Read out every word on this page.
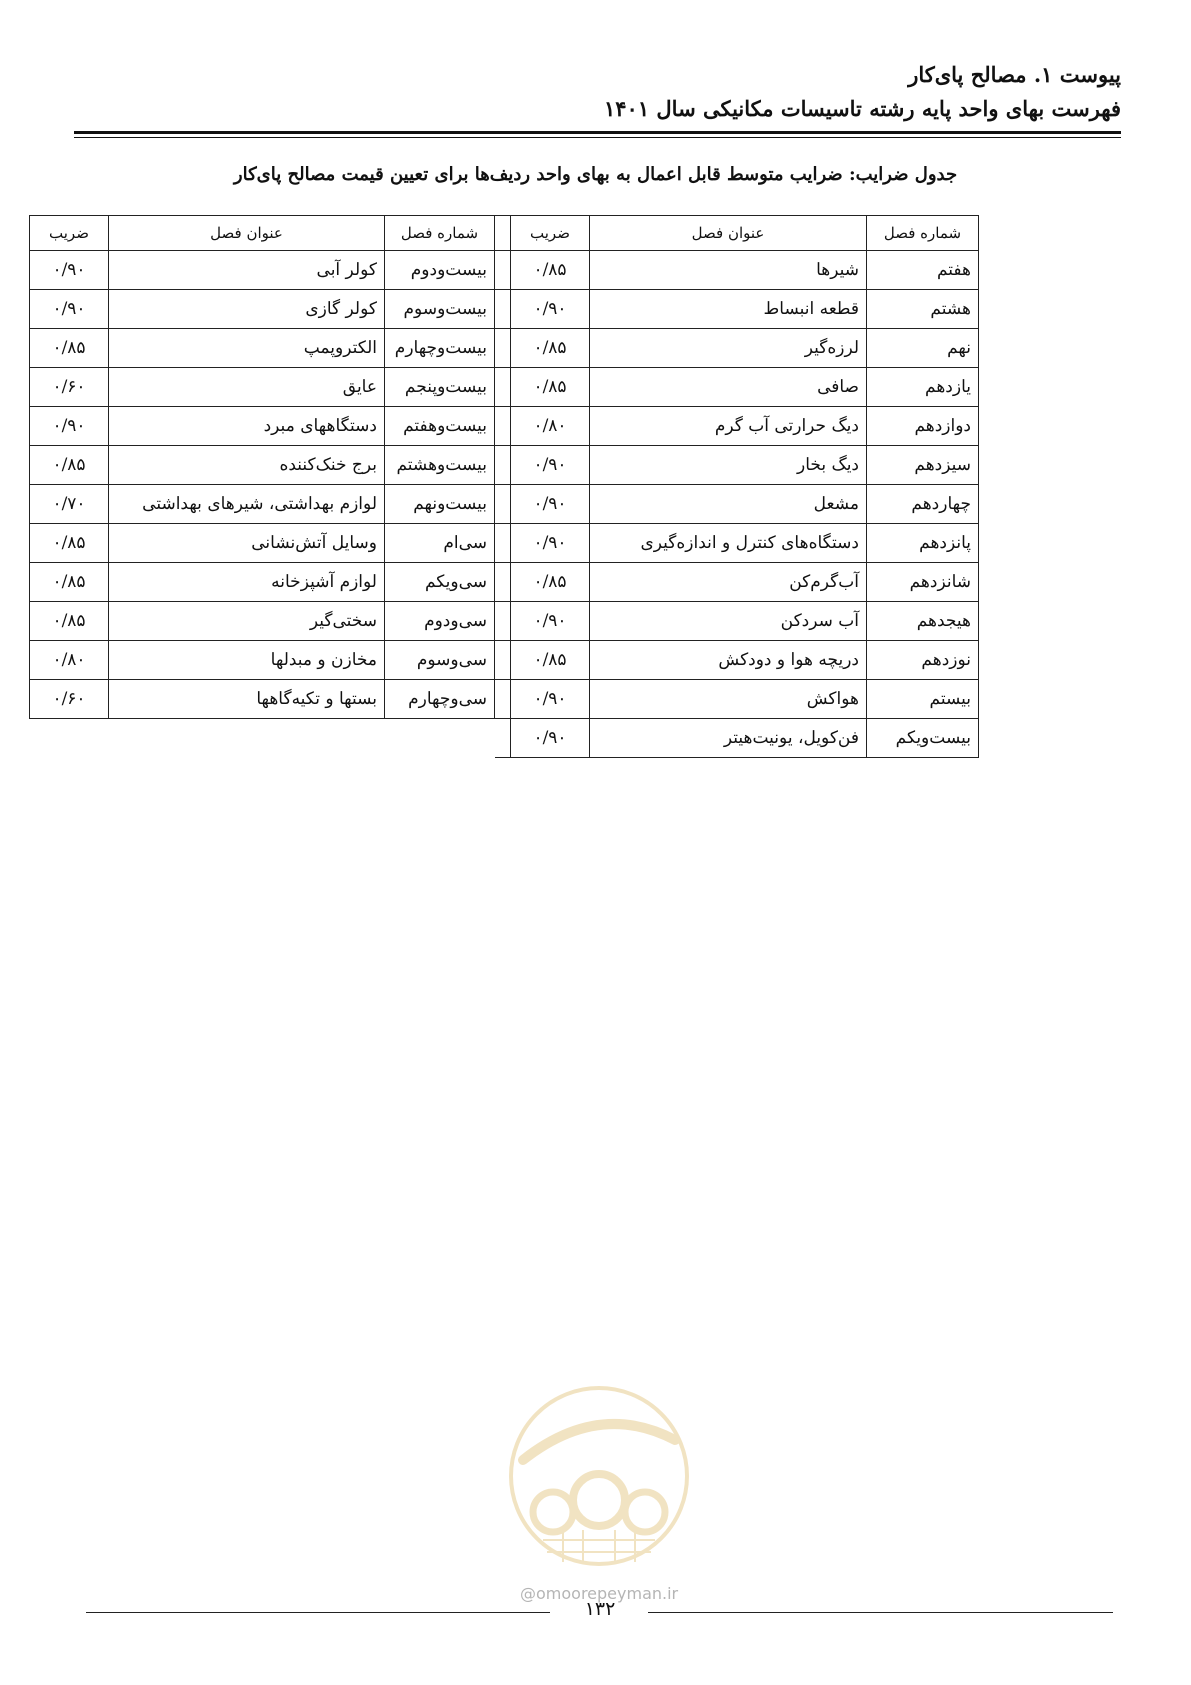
پیوست ۱. مصالح پای‌کار
فهرست بهای واحد پایه رشته تاسیسات مکانیکی سال ۱۴۰۱
جدول ضرایب: ضرایب متوسط قابل اعمال به بهای واحد ردیف‌ها برای تعیین قیمت مصالح پای‌کار
شماره فصل	عنوان فصل	ضریب		شماره فصل	عنوان فصل	ضریب
هفتم	شیرها	۰/۸۵		بیست‌ودوم	کولر آبی	۰/۹۰
هشتم	قطعه انبساط	۰/۹۰		بیست‌وسوم	کولر گازی	۰/۹۰
نهم	لرزه‌گیر	۰/۸۵		بیست‌وچهارم	الکتروپمپ	۰/۸۵
یازدهم	صافی	۰/۸۵		بیست‌وپنجم	عایق	۰/۶۰
دوازدهم	دیگ حرارتی آب گرم	۰/۸۰		بیست‌وهفتم	دستگاههای مبرد	۰/۹۰
سیزدهم	دیگ بخار	۰/۹۰		بیست‌وهشتم	برج خنک‌کننده	۰/۸۵
چهاردهم	مشعل	۰/۹۰		بیست‌ونهم	لوازم بهداشتی، شیرهای بهداشتی	۰/۷۰
پانزدهم	دستگاه‌های کنترل و اندازه‌گیری	۰/۹۰		سی‌ام	وسایل آتش‌نشانی	۰/۸۵
شانزدهم	آب‌گرم‌کن	۰/۸۵		سی‌ویکم	لوازم آشپزخانه	۰/۸۵
هیجدهم	آب سردکن	۰/۹۰		سی‌ودوم	سختی‌گیر	۰/۸۵
نوزدهم	دریچه هوا و دودکش	۰/۸۵		سی‌وسوم	مخازن و مبدلها	۰/۸۰
بیستم	هواکش	۰/۹۰		سی‌وچهارم	بستها و تکیه‌گاهها	۰/۶۰
بیست‌ویکم	فن‌کویل، یونیت‌هیتر	۰/۹۰				
@omoorepeyman.ir
۱۳۲
